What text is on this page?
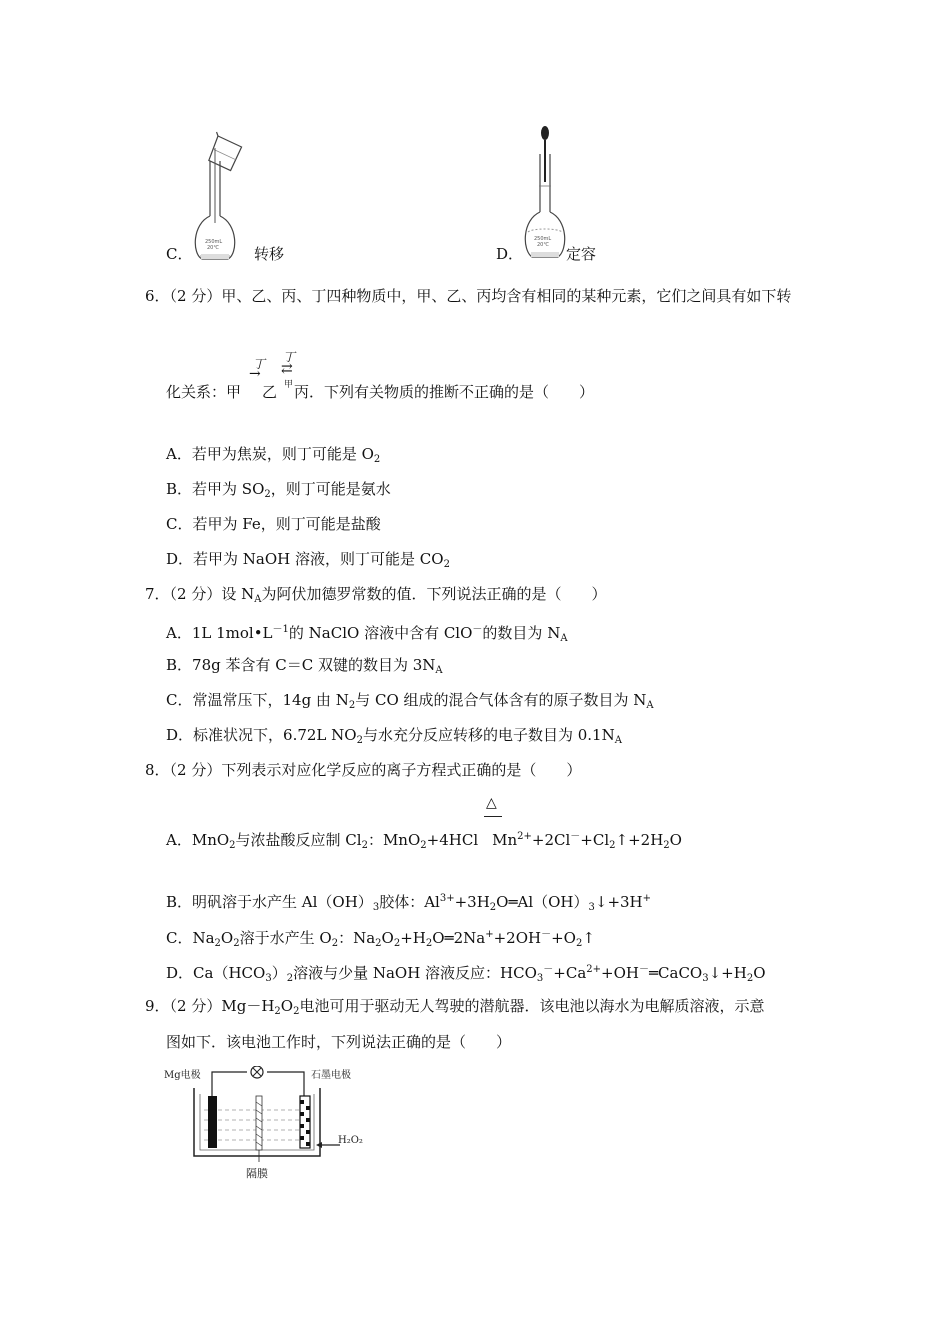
250mL
20℃
C．	转移
250mL
20℃
D．	定容
6．（2 分）甲、乙、丙、丁四种物质中，甲、乙、丙均含有相同的某种元素，它们之间具有如下转
化关系：甲
丁
→
乙
丁
⇄
甲 丙．下列有关物质的推断不正确的是（　　）
A．若甲为焦炭，则丁可能是 $O_2$
B．若甲为 $SO_2$，则丁可能是氨水
C．若甲为 Fe，则丁可能是盐酸
D．若甲为 NaOH 溶液，则丁可能是 $CO_2$
7．（2 分）设 $N_A$为阿伏加德罗常数的值．下列说法正确的是（　　）
A．1L $1mol•L^{-1}$的 NaClO 溶液中含有 ClO－的数目为 $N_A$
B．78g 苯含有 C＝C 双键的数目为 $3N_A$
C．常温常压下，14g 由 $N_2$与 CO 组成的混合气体含有的原子数目为 $N_A$
D．标准状况下，6.72L $NO_2$与水充分反应转移的电子数目为 $0.1N_A$
8．（2 分）下列表示对应化学反应的离子方程式正确的是（　　）
△
A．MnO$_2$与浓盐酸反应制 $Cl_2$：MnO$_2$+4HCl $Mn^{2+}+2Cl^-+Cl_2↑+2H_2O$
B．明矾溶于水产生 $Al(OH)_3$胶体：$Al^{3+}+3H_2O═Al(OH)_3↓+3H^+$
C．$Na_2O_2$溶于水产生 $O_2$：$Na_2O_2+H_2O═2Na^++2OH^-+O_2↑$
D．$Ca(HCO_3)_2$溶液与少量 NaOH 溶液反应：$HCO_3^-+Ca^{2+}+OH^-═CaCO_3↓+H_2O$
9．（2 分）$Mg-H_2O_2$电池可用于驱动无人驾驶的潜航器．该电池以海水为电解质溶液，示意
图如下．该电池工作时，下列说法正确的是（　　）
Mg电极	石墨电极
H₂O₂
隔膜
